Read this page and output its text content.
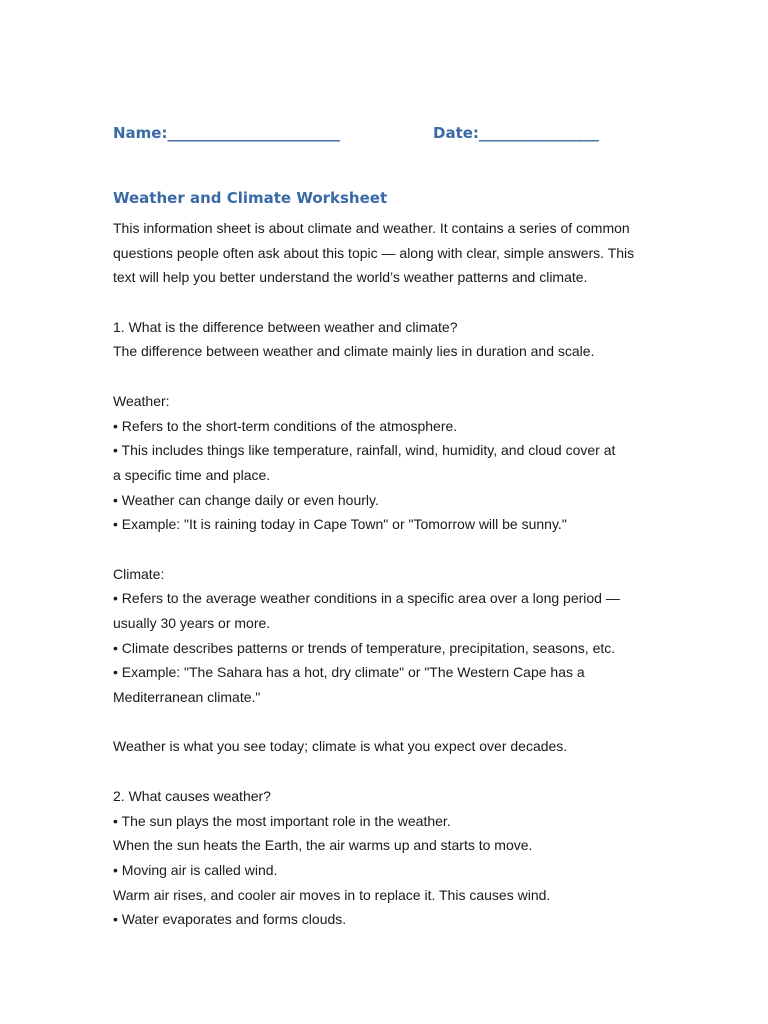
Name:_______________________	Date:________________
Weather and Climate Worksheet
This information sheet is about climate and weather. It contains a series of common
questions people often ask about this topic — along with clear, simple answers. This
text will help you better understand the world’s weather patterns and climate.
1. What is the difference between weather and climate?
The difference between weather and climate mainly lies in duration and scale.
Weather:
• Refers to the short-term conditions of the atmosphere.
• This includes things like temperature, rainfall, wind, humidity, and cloud cover at
a specific time and place.
• Weather can change daily or even hourly.
• Example: "It is raining today in Cape Town" or "Tomorrow will be sunny."
Climate:
• Refers to the average weather conditions in a specific area over a long period —
usually 30 years or more.
• Climate describes patterns or trends of temperature, precipitation, seasons, etc.
• Example: "The Sahara has a hot, dry climate" or "The Western Cape has a
Mediterranean climate."
Weather is what you see today; climate is what you expect over decades.
2. What causes weather?
• The sun plays the most important role in the weather.
When the sun heats the Earth, the air warms up and starts to move.
• Moving air is called wind.
Warm air rises, and cooler air moves in to replace it. This causes wind.
• Water evaporates and forms clouds.
